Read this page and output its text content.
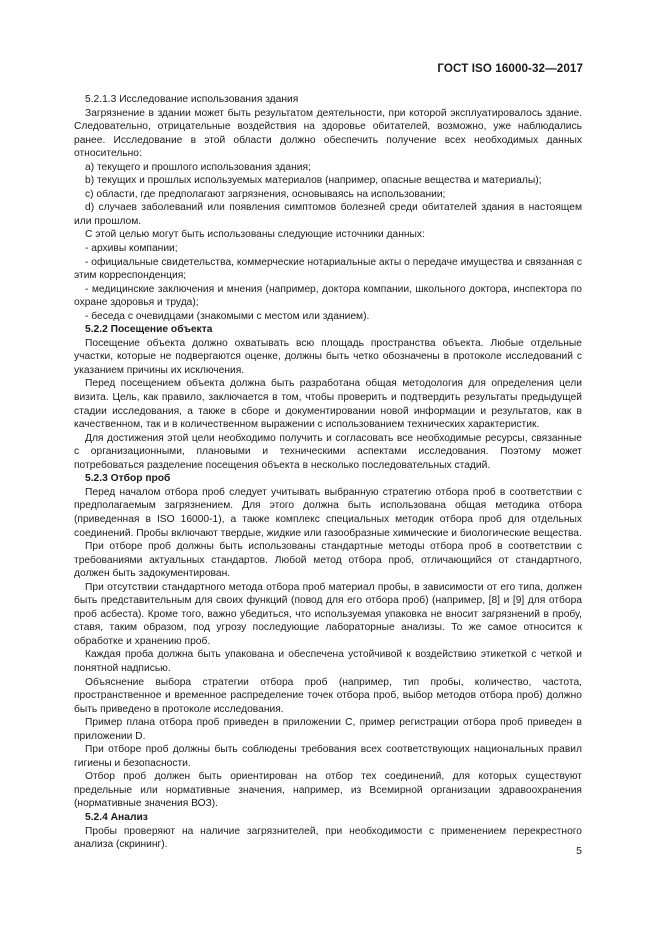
ГОСТ ISO 16000-32—2017

5.2.1.3 Исследование использования здания

Загрязнение в здании может быть результатом деятельности, при которой эксплуатировалось здание. Следовательно, отрицательные воздействия на здоровье обитателей, возможно, уже наблюдались ранее. Исследование в этой области должно обеспечить получение всех необходимых данных относительно:

a) текущего и прошлого использования здания;

b) текущих и прошлых используемых материалов (например, опасные вещества и материалы);

c) области, где предполагают загрязнения, основываясь на использовании;

d) случаев заболеваний или появления симптомов болезней среди обитателей здания в настоящем или прошлом.

С этой целью могут быть использованы следующие источники данных:

- архивы компании;

- официальные свидетельства, коммерческие нотариальные акты о передаче имущества и связанная с этим корреспонденция;

- медицинские заключения и мнения (например, доктора компании, школьного доктора, инспектора по охране здоровья и труда);

- беседа с очевидцами (знакомыми с местом или зданием).

5.2.2 Посещение объекта

Посещение объекта должно охватывать всю площадь пространства объекта. Любые отдельные участки, которые не подвергаются оценке, должны быть четко обозначены в протоколе исследований с указанием причины их исключения.

Перед посещением объекта должна быть разработана общая методология для определения цели визита. Цель, как правило, заключается в том, чтобы проверить и подтвердить результаты предыдущей стадии исследования, а также в сборе и документировании новой информации и результатов, как в качественном, так и в количественном выражении с использованием технических характеристик.

Для достижения этой цели необходимо получить и согласовать все необходимые ресурсы, связанные с организационными, плановыми и техническими аспектами исследования. Поэтому может потребоваться разделение посещения объекта в несколько последовательных стадий.

5.2.3 Отбор проб

Перед началом отбора проб следует учитывать выбранную стратегию отбора проб в соответствии с предполагаемым загрязнением. Для этого должна быть использована общая методика отбора (приведенная в ISO 16000-1), а также комплекс специальных методик отбора проб для отдельных соединений. Пробы включают твердые, жидкие или газообразные химические и биологические вещества.

При отборе проб должны быть использованы стандартные методы отбора проб в соответствии с требованиями актуальных стандартов. Любой метод отбора проб, отличающийся от стандартного, должен быть задокументирован.

При отсутствии стандартного метода отбора проб материал пробы, в зависимости от его типа, должен быть представительным для своих функций (повод для его отбора проб) (например, [8] и [9] для отбора проб асбеста). Кроме того, важно убедиться, что используемая упаковка не вносит загрязнений в пробу, ставя, таким образом, под угрозу последующие лабораторные анализы. То же самое относится к обработке и хранению проб.

Каждая проба должна быть упакована и обеспечена устойчивой к воздействию этикеткой с четкой и понятной надписью.

Объяснение выбора стратегии отбора проб (например, тип пробы, количество, частота, пространственное и временное распределение точек отбора проб, выбор методов отбора проб) должно быть приведено в протоколе исследования.

Пример плана отбора проб приведен в приложении С, пример регистрации отбора проб приведен в приложении D.

При отборе проб должны быть соблюдены требования всех соответствующих национальных правил гигиены и безопасности.

Отбор проб должен быть ориентирован на отбор тех соединений, для которых существуют предельные или нормативные значения, например, из Всемирной организации здравоохранения (нормативные значения ВОЗ).

5.2.4 Анализ

Пробы проверяют на наличие загрязнителей, при необходимости с применением перекрестного анализа (скрининг).

5
